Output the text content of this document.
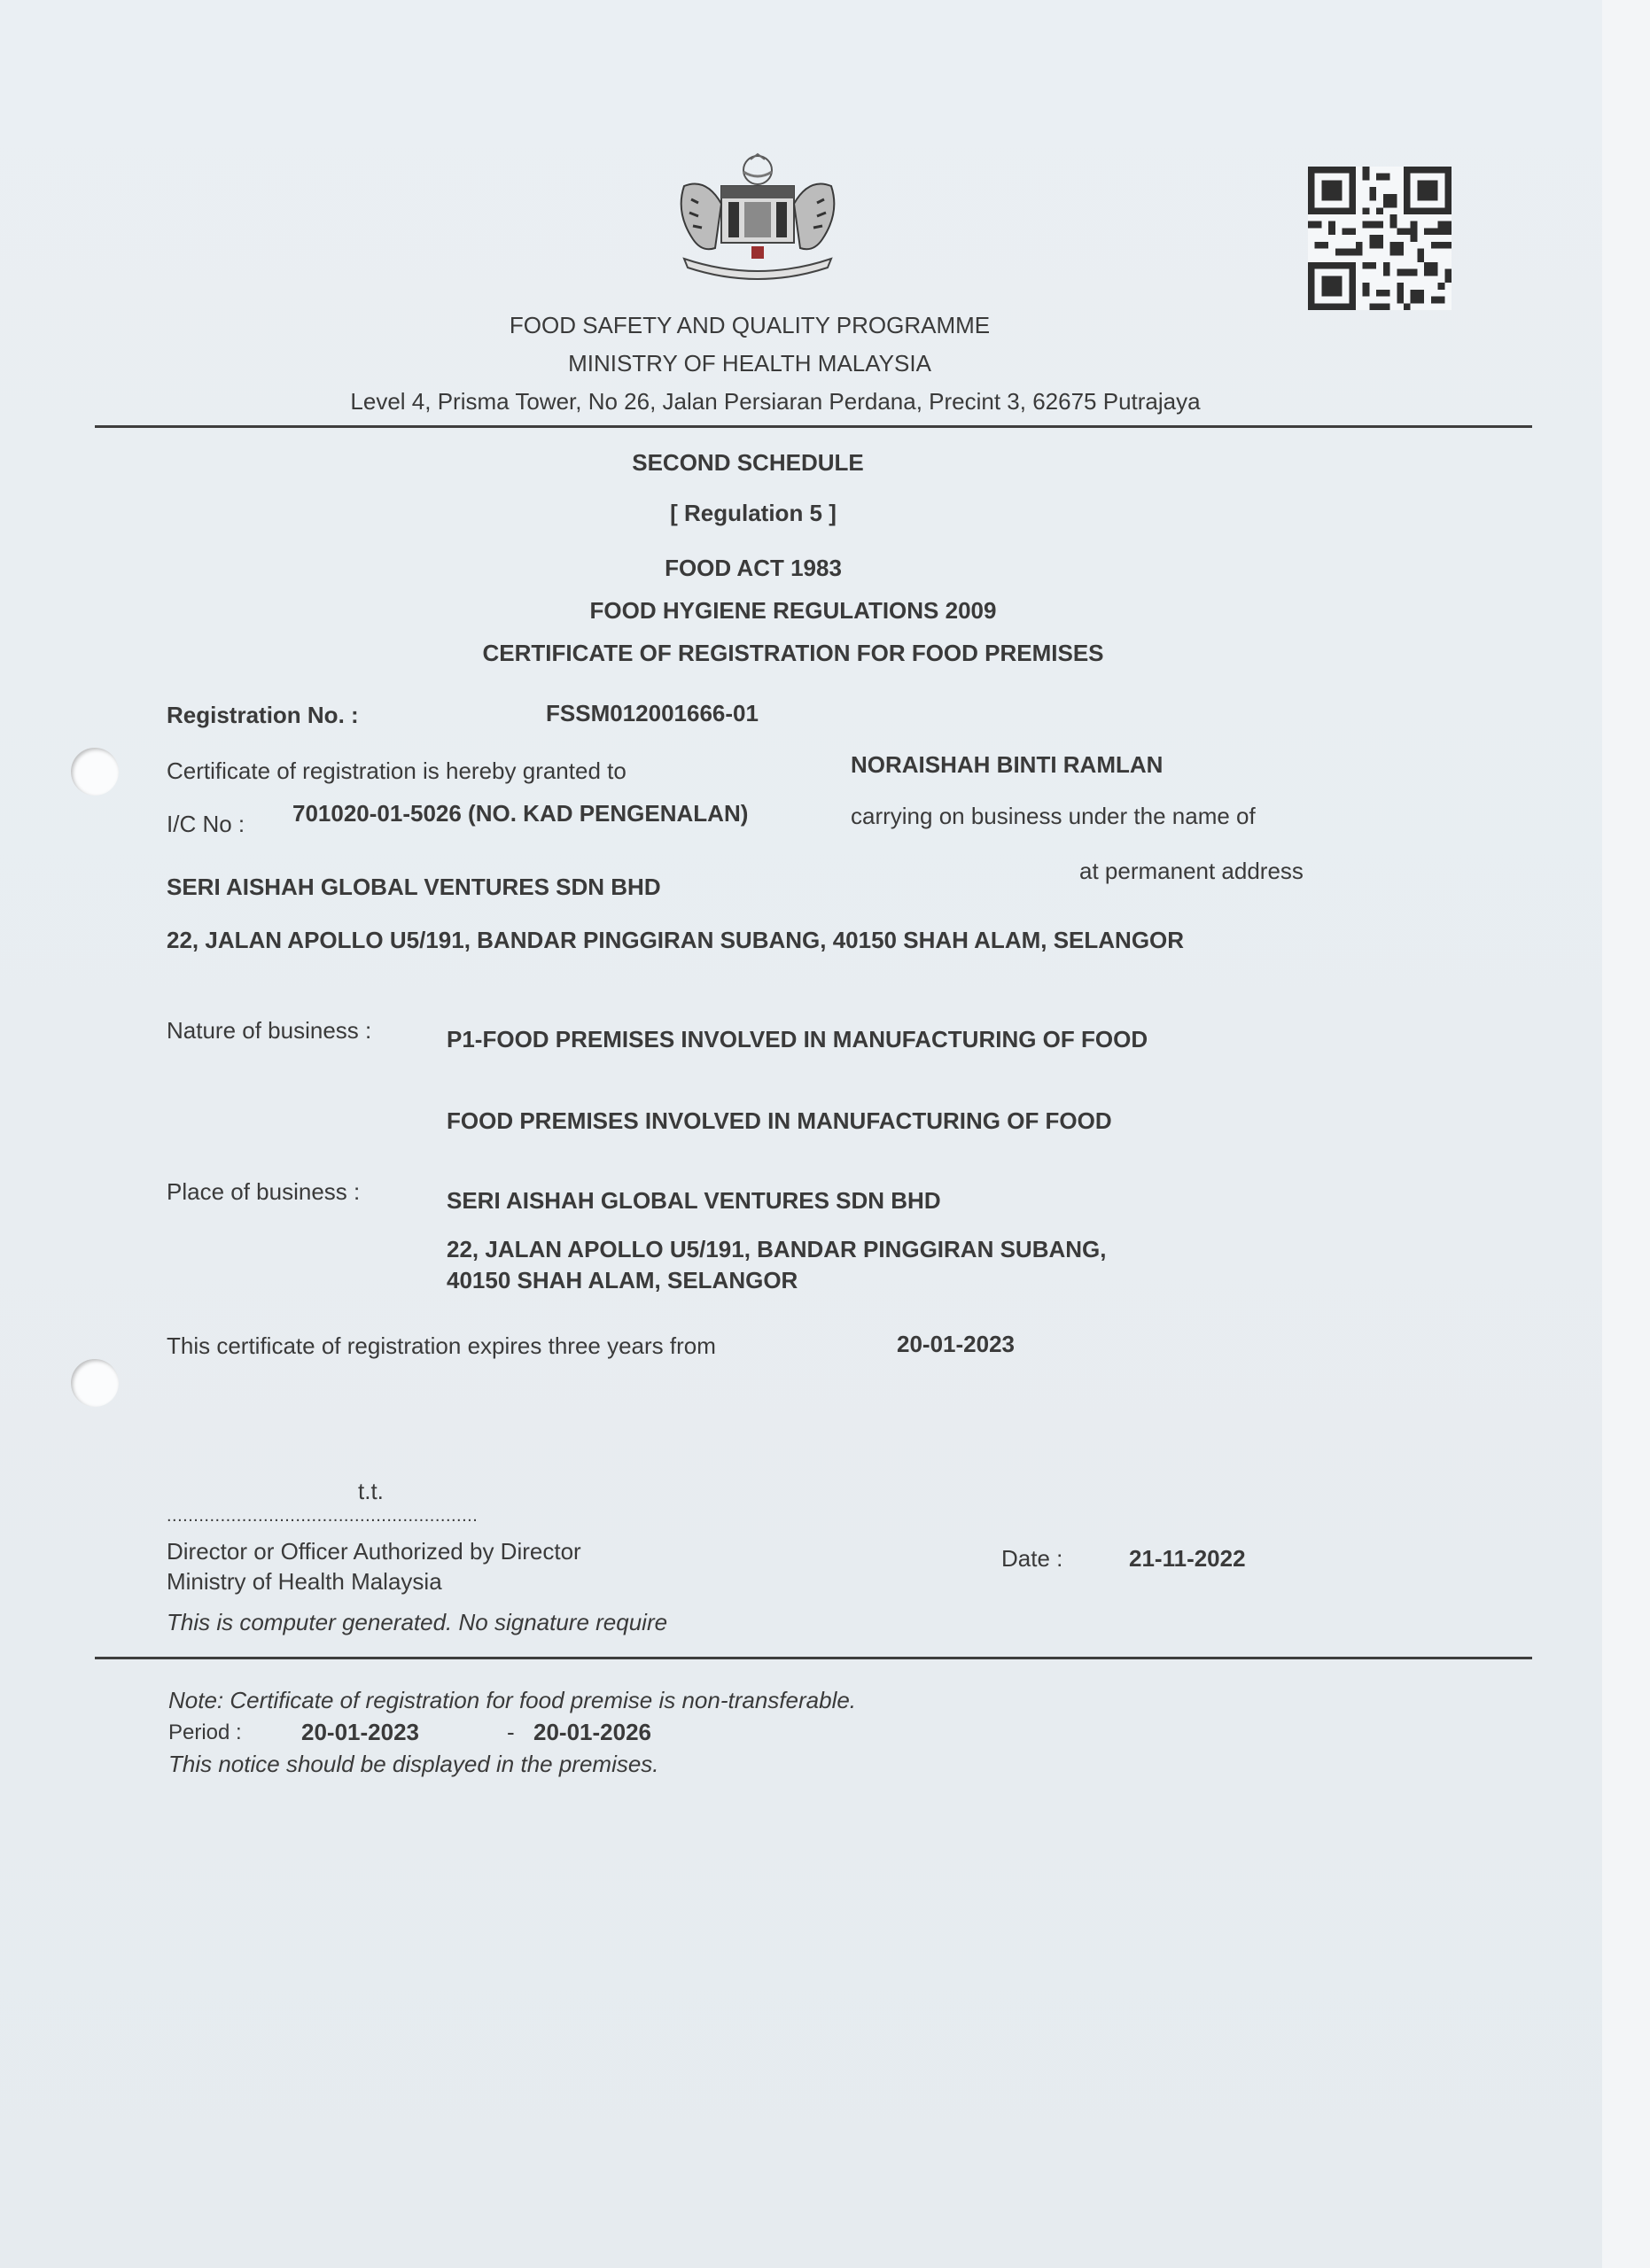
FOOD SAFETY AND QUALITY PROGRAMME
MINISTRY OF HEALTH MALAYSIA
Level 4, Prisma Tower, No 26, Jalan Persiaran Perdana, Precint 3, 62675 Putrajaya
SECOND SCHEDULE
[ Regulation 5 ]
FOOD ACT 1983
FOOD HYGIENE REGULATIONS 2009
CERTIFICATE OF REGISTRATION FOR FOOD PREMISES
Registration No. :	FSSM012001666-01
Certificate of registration is hereby granted to	NORAISHAH BINTI RAMLAN
I/C No : 701020-01-5026 (NO. KAD PENGENALAN)	carrying on business under the name of
SERI AISHAH GLOBAL VENTURES SDN BHD
at permanent address
22, JALAN APOLLO U5/191, BANDAR PINGGIRAN SUBANG, 40150 SHAH ALAM, SELANGOR
Nature of business :	P1-FOOD PREMISES INVOLVED IN MANUFACTURING OF FOOD
FOOD PREMISES INVOLVED IN MANUFACTURING OF FOOD
Place of business :	SERI AISHAH GLOBAL VENTURES SDN BHD
22, JALAN APOLLO U5/191, BANDAR PINGGIRAN SUBANG,
40150 SHAH ALAM, SELANGOR
This certificate of registration expires three years from	20-01-2023
t.t.
..........................................................
Director or Officer Authorized by Director
Ministry of Health Malaysia
This is computer generated. No signature require
Date :	21-11-2022
Note: Certificate of registration for food premise is non-transferable.
Period :	20-01-2023	- 20-01-2026
This notice should be displayed in the premises.
